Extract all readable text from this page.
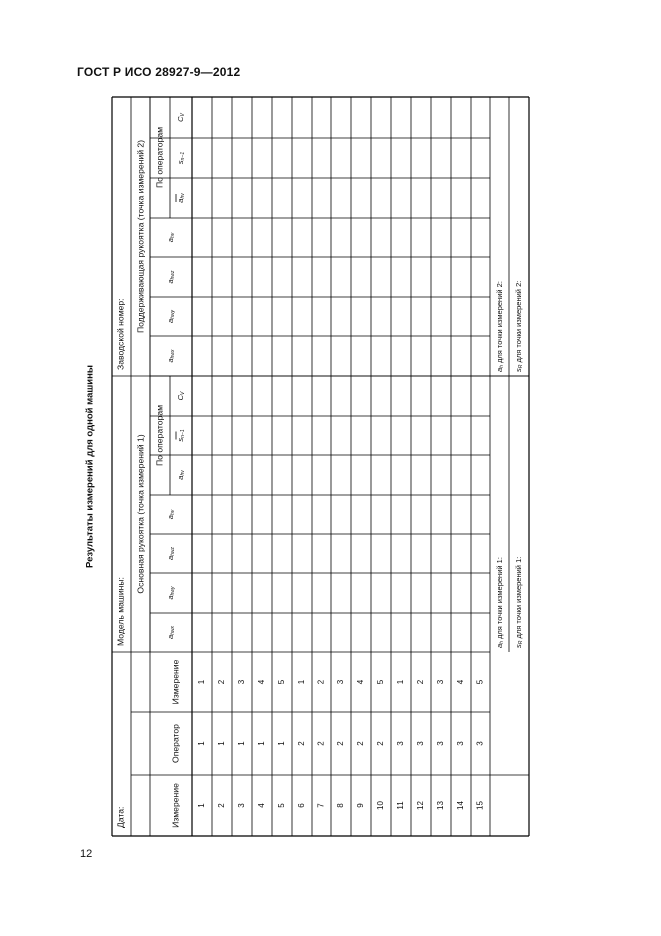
ГОСТ Р ИСО 28927-9—2012
Результаты измерений для одной машины
12
Дата:
Модель машины:
Заводской номер:
Измерение
Оператор
Измерение
Основная рукоятка (точка измерений 1)
Поддерживающая рукоятка (точка измерений 2)
По операторам
По операторам
$a_{hwx}$
$a_{hwy}$
$a_{hwz}$
$a_{hv}$
$a_{hv}$
$s_{n-1}$
$C_V$
$a_{hwx}$
$a_{hwy}$
$a_{hwz}$
$a_{hv}$
$a_{hv}$
$s_{n-1}$
$C_V$
1
1
1
2
1
2
3
1
3
4
1
4
5
1
5
6
2
1
7
2
2
8
2
3
9
2
4
10
2
5
11
3
1
12
3
2
13
3
3
14
3
4
15
3
5
$a_h$ для точки измерений 1:
$s_R$ для точки измерений 1:
$a_h$ для точки измерений 2:
$s_R$ для точки измерений 2:
